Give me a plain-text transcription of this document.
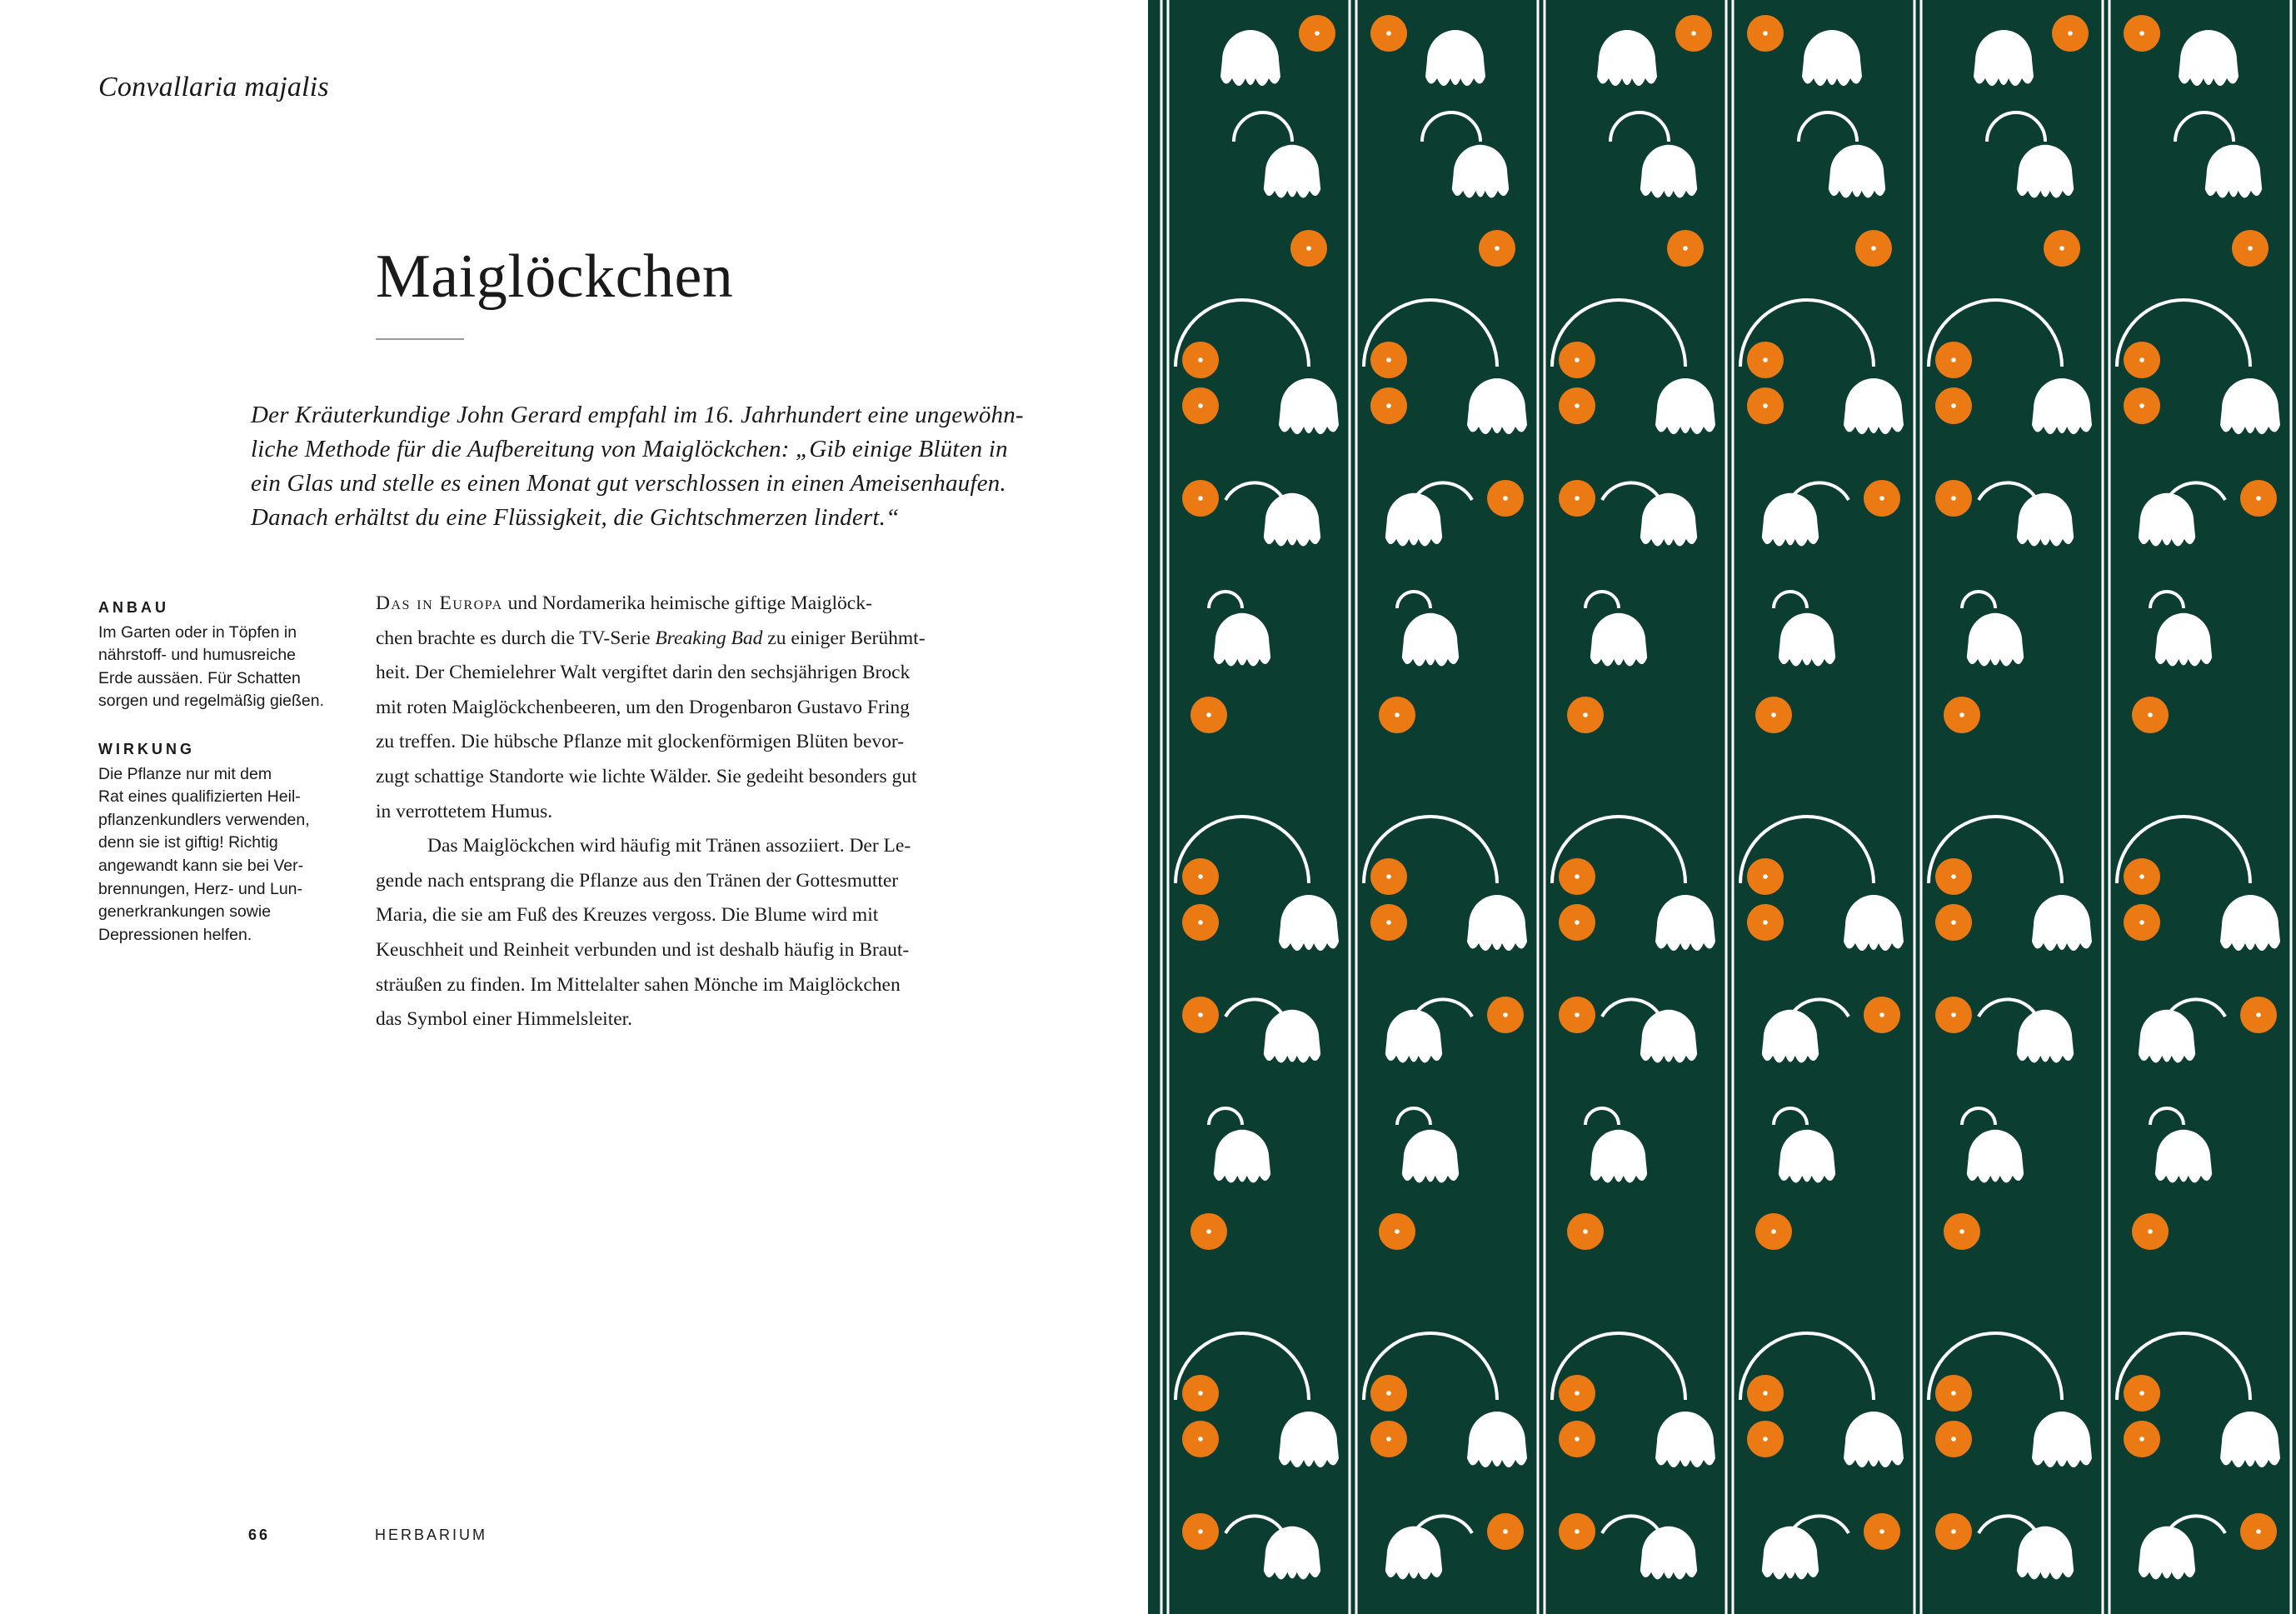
Convallaria majalis
Maiglöckchen
Der Kräuterkundige John Gerard empfahl im 16. Jahrhundert eine ungewöhn-
liche Methode für die Aufbereitung von Maiglöckchen: „Gib einige Blüten in
ein Glas und stelle es einen Monat gut verschlossen in einen Ameisenhaufen.
Danach erhältst du eine Flüssigkeit, die Gichtschmerzen lindert.“
ANBAU
Im Garten oder in Töpfen in
nährstoff- und humusreiche
Erde aussäen. Für Schatten
sorgen und regelmäßig gießen.
WIRKUNG
Die Pflanze nur mit dem
Rat eines qualifizierten Heil-
pflanzenkundlers verwenden,
denn sie ist giftig! Richtig
angewandt kann sie bei Ver-
brennungen, Herz- und Lun-
generkrankungen sowie
Depressionen helfen.
Das in Europa und Nordamerika heimische giftige Maiglöck-
chen brachte es durch die TV-Serie Breaking Bad zu einiger Berühmt-
heit. Der Chemielehrer Walt vergiftet darin den sechsjährigen Brock
mit roten Maiglöckchenbeeren, um den Drogenbaron Gustavo Fring
zu treffen. Die hübsche Pflanze mit glockenförmigen Blüten bevor-
zugt schattige Standorte wie lichte Wälder. Sie gedeiht besonders gut
in verrottetem Humus.
Das Maiglöckchen wird häufig mit Tränen assoziiert. Der Le-
gende nach entsprang die Pflanze aus den Tränen der Gottesmutter
Maria, die sie am Fuß des Kreuzes vergoss. Die Blume wird mit
Keuschheit und Reinheit verbunden und ist deshalb häufig in Braut-
sträußen zu finden. Im Mittelalter sahen Mönche im Maiglöckchen
das Symbol einer Himmelsleiter.
66	HERBARIUM
